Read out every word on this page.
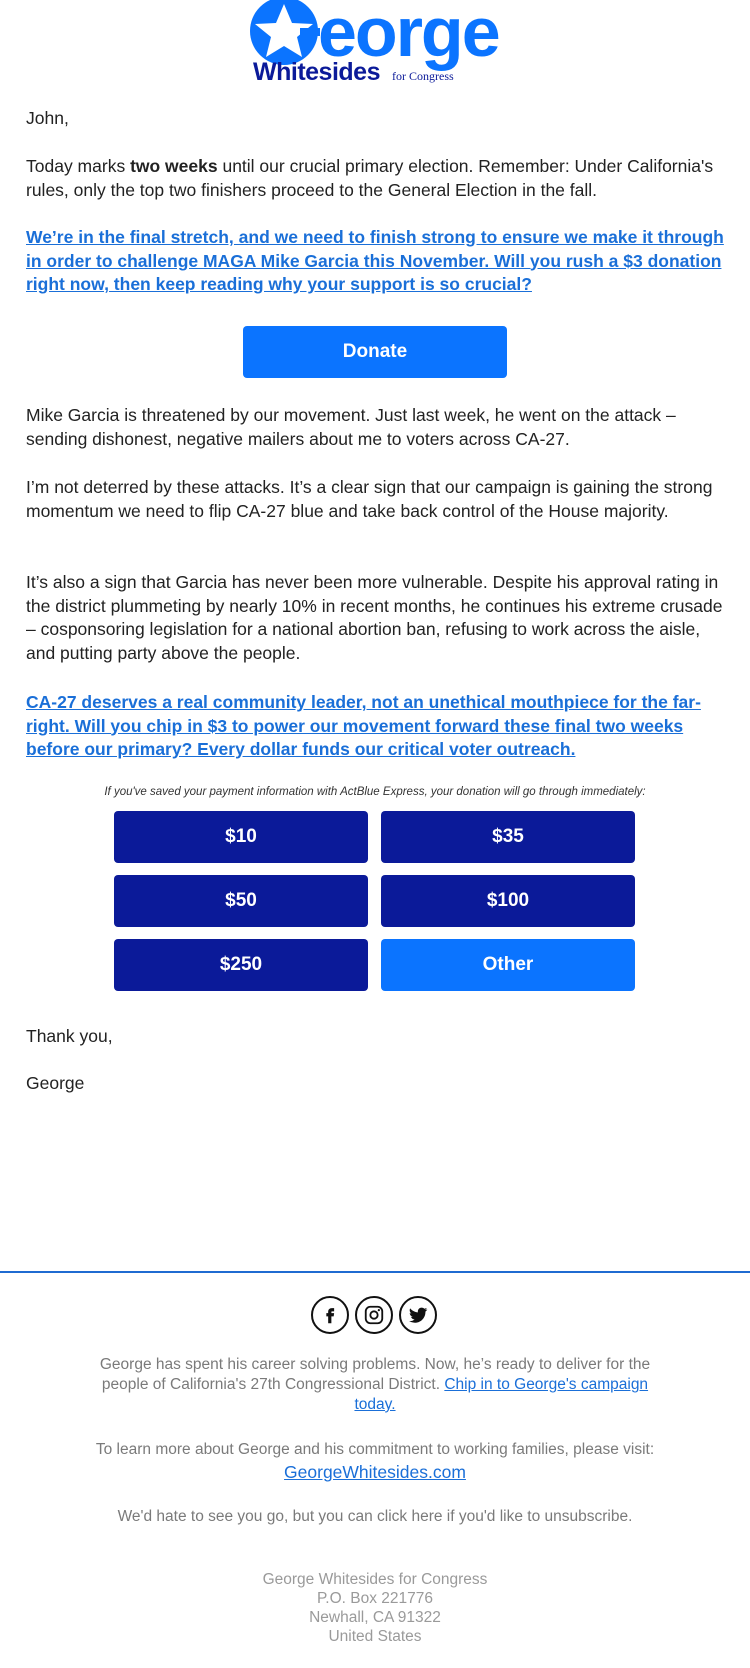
eorge
Whitesides for Congress
John,
Today marks two weeks until our crucial primary election. Remember: Under California's rules, only the top two finishers proceed to the General Election in the fall.
We’re in the final stretch, and we need to finish strong to ensure we make it through in order to challenge MAGA Mike Garcia this November. Will you rush a $3 donation right now, then keep reading why your support is so crucial?
Donate
Mike Garcia is threatened by our movement. Just last week, he went on the attack – sending dishonest, negative mailers about me to voters across CA-27.
I’m not deterred by these attacks. It’s a clear sign that our campaign is gaining the strong momentum we need to flip CA-27 blue and take back control of the House majority.
It’s also a sign that Garcia has never been more vulnerable. Despite his approval rating in the district plummeting by nearly 10% in recent months, he continues his extreme crusade – cosponsoring legislation for a national abortion ban, refusing to work across the aisle, and putting party above the people.
CA-27 deserves a real community leader, not an unethical mouthpiece for the far-right. Will you chip in $3 to power our movement forward these final two weeks before our primary? Every dollar funds our critical voter outreach.
If you've saved your payment information with ActBlue Express, your donation will go through immediately:
$10	$35
$50	$100
$250	Other
Thank you,
George
George has spent his career solving problems. Now, he’s ready to deliver for the people of California's 27th Congressional District. Chip in to George's campaign today.
To learn more about George and his commitment to working families, please visit:
GeorgeWhitesides.com
We'd hate to see you go, but you can click here if you'd like to unsubscribe.
George Whitesides for Congress
P.O. Box 221776
Newhall, CA 91322
United States
